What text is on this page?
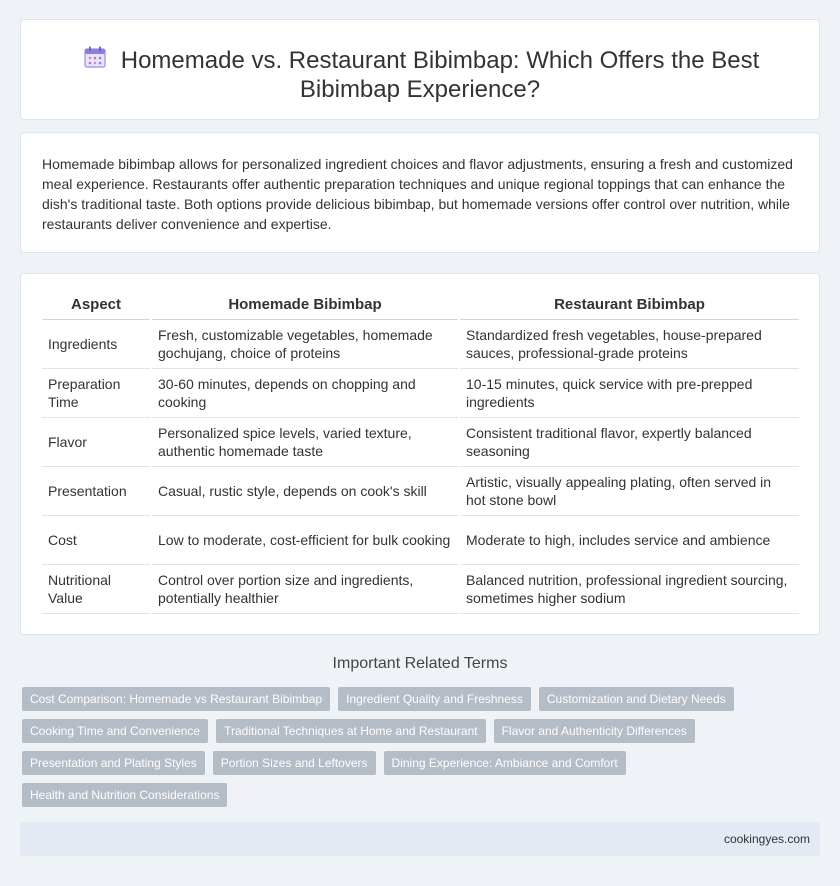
Homemade vs. Restaurant Bibimbap: Which Offers the Best
Bibimbap Experience?

Homemade bibimbap allows for personalized ingredient choices and flavor adjustments, ensuring a fresh and customized meal experience. Restaurants offer authentic preparation techniques and unique regional toppings that can enhance the dish's traditional taste. Both options provide delicious bibimbap, but homemade versions offer control over nutrition, while restaurants deliver convenience and expertise.

Aspect	Homemade Bibimbap	Restaurant Bibimbap
Ingredients	Fresh, customizable vegetables, homemade gochujang, choice of proteins	Standardized fresh vegetables, house-prepared sauces, professional-grade proteins
Preparation Time	30-60 minutes, depends on chopping and cooking	10-15 minutes, quick service with pre-prepped ingredients
Flavor	Personalized spice levels, varied texture, authentic homemade taste	Consistent traditional flavor, expertly balanced seasoning
Presentation	Casual, rustic style, depends on cook's skill	Artistic, visually appealing plating, often served in hot stone bowl
Cost	Low to moderate, cost-efficient for bulk cooking	Moderate to high, includes service and ambience
Nutritional Value	Control over portion size and ingredients, potentially healthier	Balanced nutrition, professional ingredient sourcing, sometimes higher sodium
Important Related Terms
Cost Comparison: Homemade vs Restaurant Bibimbap	Ingredient Quality and Freshness	Customization and Dietary Needs
Cooking Time and Convenience	Traditional Techniques at Home and Restaurant	Flavor and Authenticity Differences
Presentation and Plating Styles	Portion Sizes and Leftovers	Dining Experience: Ambiance and Comfort
Health and Nutrition Considerations
cookingyes.com
